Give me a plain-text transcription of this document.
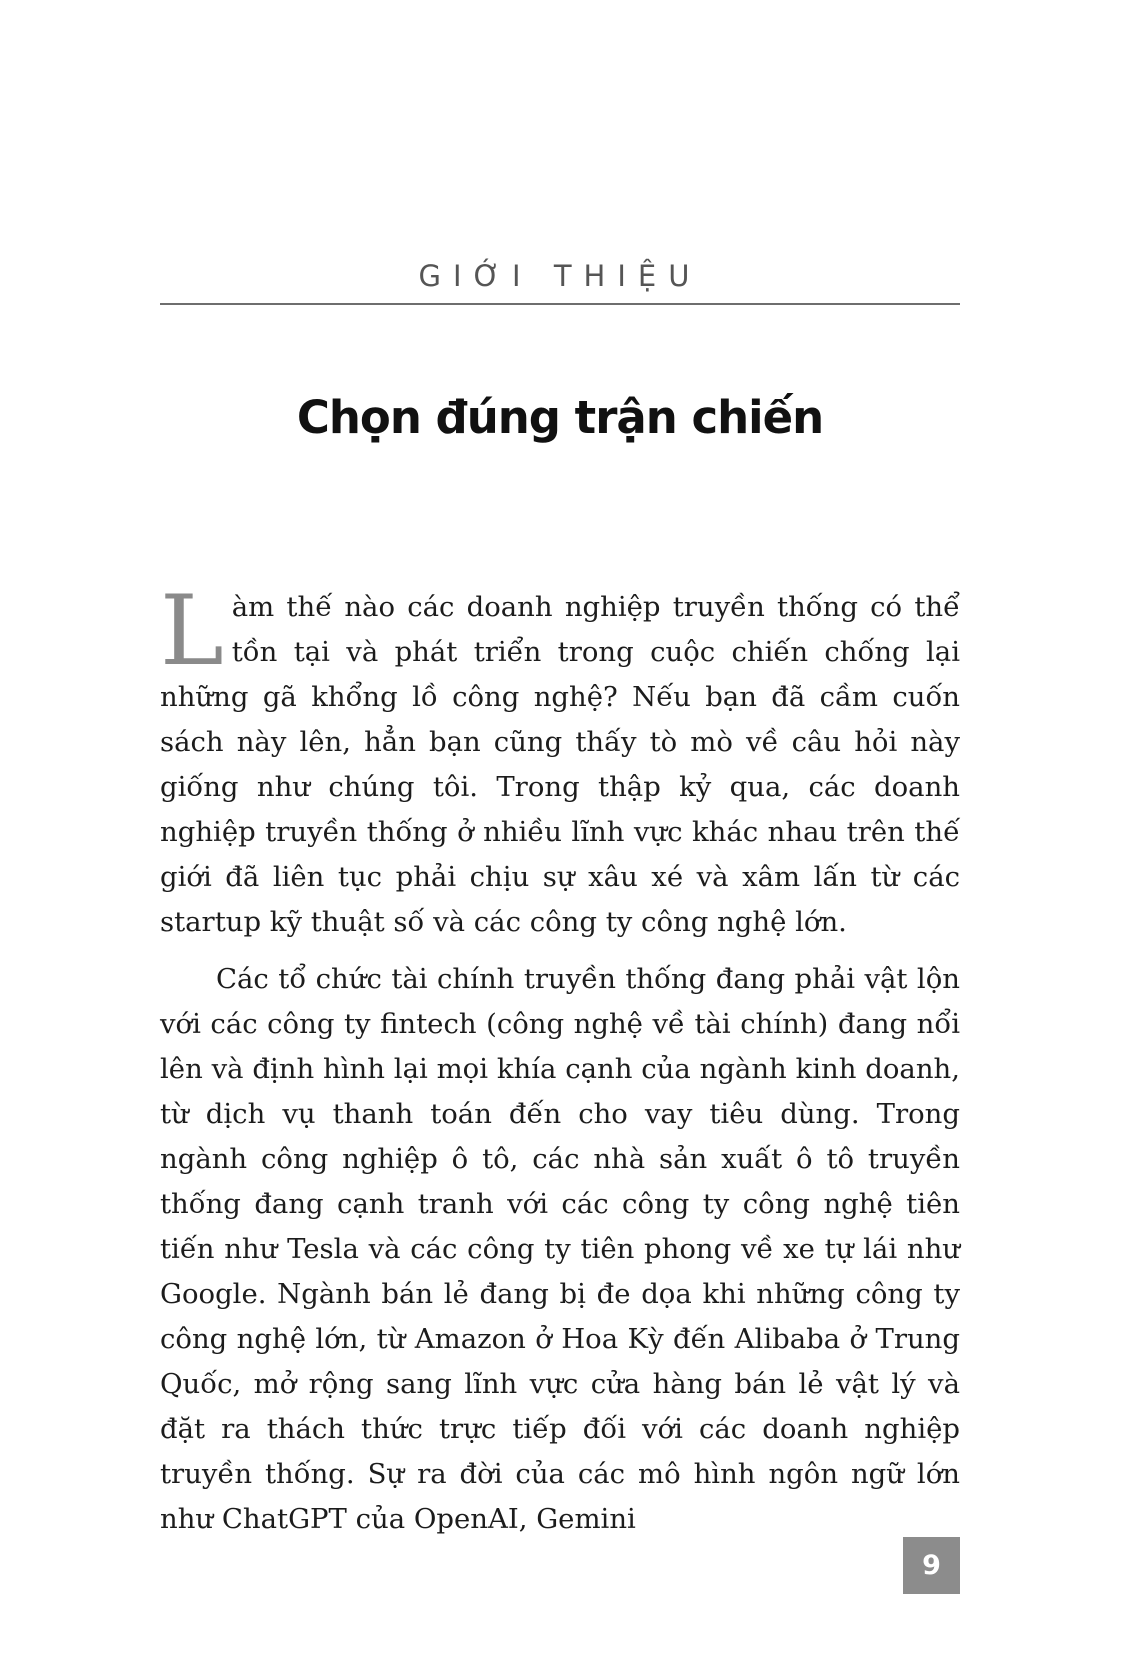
GIỚI THIỆU
Chọn đúng trận chiến

Làm thế nào các doanh nghiệp truyền thống có thể tồn tại và phát triển trong cuộc chiến chống lại những gã khổng lồ công nghệ? Nếu bạn đã cầm cuốn sách này lên, hẳn bạn cũng thấy tò mò về câu hỏi này giống như chúng tôi. Trong thập kỷ qua, các doanh nghiệp truyền thống ở nhiều lĩnh vực khác nhau trên thế giới đã liên tục phải chịu sự xâu xé và xâm lấn từ các startup kỹ thuật số và các công ty công nghệ lớn.

Các tổ chức tài chính truyền thống đang phải vật lộn với các công ty fintech (công nghệ về tài chính) đang nổi lên và định hình lại mọi khía cạnh của ngành kinh doanh, từ dịch vụ thanh toán đến cho vay tiêu dùng. Trong ngành công nghiệp ô tô, các nhà sản xuất ô tô truyền thống đang cạnh tranh với các công ty công nghệ tiên tiến như Tesla và các công ty tiên phong về xe tự lái như Google. Ngành bán lẻ đang bị đe dọa khi những công ty công nghệ lớn, từ Amazon ở Hoa Kỳ đến Alibaba ở Trung Quốc, mở rộng sang lĩnh vực cửa hàng bán lẻ vật lý và đặt ra thách thức trực tiếp đối với các doanh nghiệp truyền thống. Sự ra đời của các mô hình ngôn ngữ lớn như ChatGPT của OpenAI, Gemini

9
